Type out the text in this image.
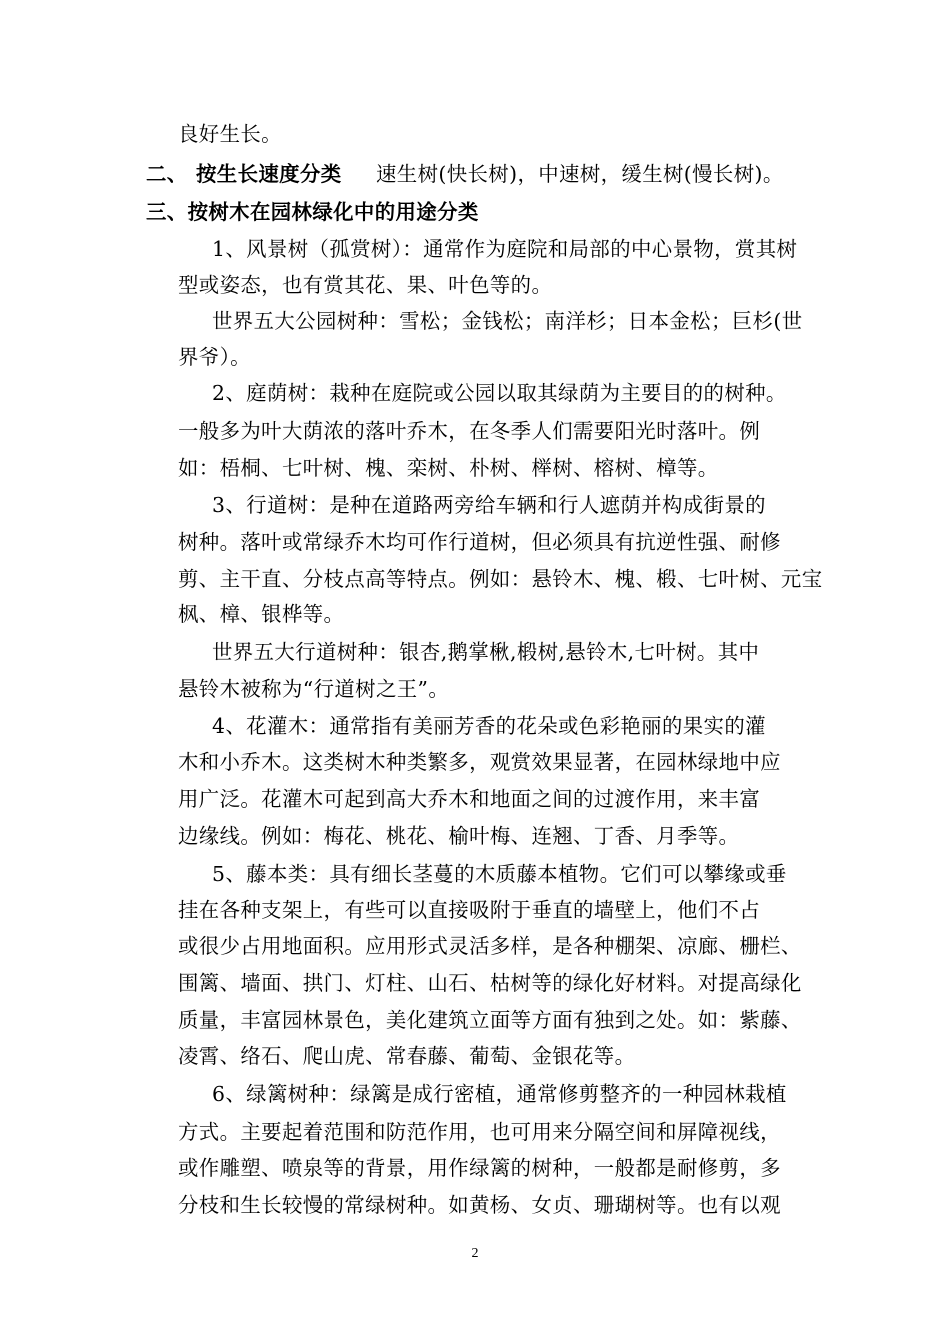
良好生长。
二、 按生长速度分类 速生树(快长树)，中速树，缓生树(慢长树)。
三、按树木在园林绿化中的用途分类
1、风景树（孤赏树）：通常作为庭院和局部的中心景物，赏其树
型或姿态，也有赏其花、果、叶色等的。
世界五大公园树种：雪松；金钱松；南洋杉；日本金松；巨杉(世
界爷）。
2、庭荫树：栽种在庭院或公园以取其绿荫为主要目的的树种。
一般多为叶大荫浓的落叶乔木，在冬季人们需要阳光时落叶。例
如：梧桐、七叶树、槐、栾树、朴树、榉树、榕树、樟等。
3、行道树：是种在道路两旁给车辆和行人遮荫并构成街景的
树种。落叶或常绿乔木均可作行道树，但必须具有抗逆性强、耐修
剪、主干直、分枝点高等特点。例如：悬铃木、槐、椴、七叶树、元宝
枫、樟、银桦等。
世界五大行道树种：银杏,鹅掌楸,椴树,悬铃木,七叶树。其中
悬铃木被称为“行道树之王”。
4、花灌木：通常指有美丽芳香的花朵或色彩艳丽的果实的灌
木和小乔木。这类树木种类繁多，观赏效果显著，在园林绿地中应
用广泛。花灌木可起到高大乔木和地面之间的过渡作用，来丰富
边缘线。例如：梅花、桃花、榆叶梅、连翘、丁香、月季等。
5、藤本类：具有细长茎蔓的木质藤本植物。它们可以攀缘或垂
挂在各种支架上，有些可以直接吸附于垂直的墙壁上，他们不占
或很少占用地面积。应用形式灵活多样，是各种棚架、凉廊、栅栏、
围篱、墙面、拱门、灯柱、山石、枯树等的绿化好材料。对提高绿化
质量，丰富园林景色，美化建筑立面等方面有独到之处。如：紫藤、
凌霄、络石、爬山虎、常春藤、葡萄、金银花等。
6、绿篱树种：绿篱是成行密植，通常修剪整齐的一种园林栽植
方式。主要起着范围和防范作用，也可用来分隔空间和屏障视线，
或作雕塑、喷泉等的背景，用作绿篱的树种，一般都是耐修剪，多
分枝和生长较慢的常绿树种。如黄杨、女贞、珊瑚树等。也有以观
2
